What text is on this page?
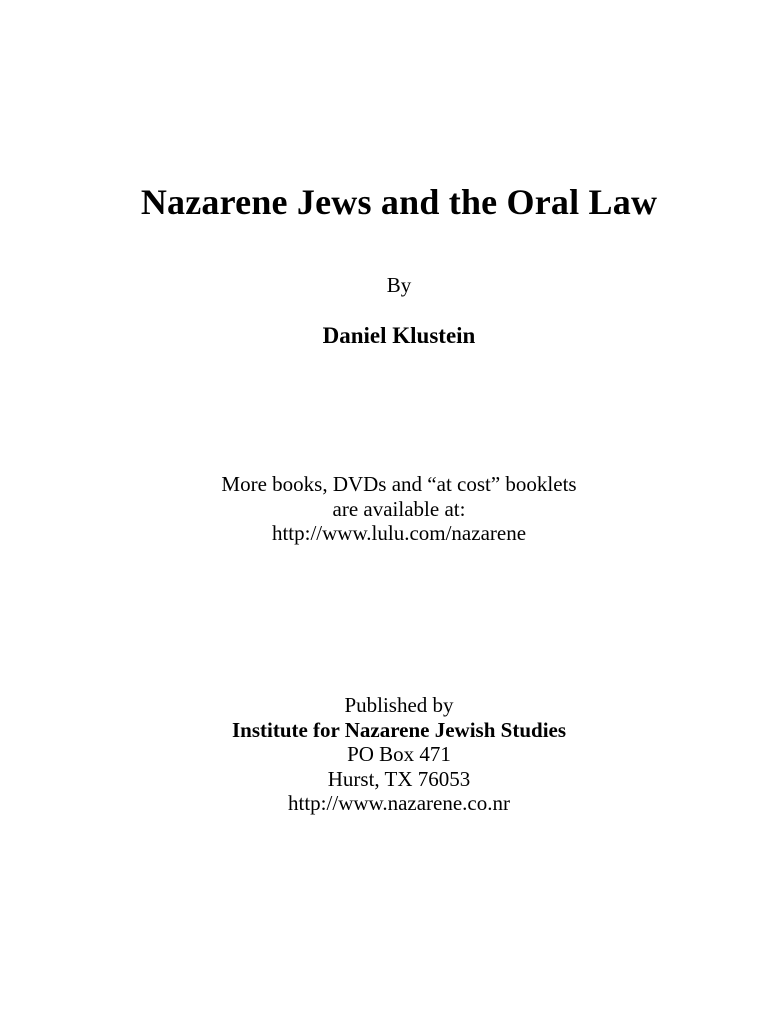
Nazarene Jews and the Oral Law
By
Daniel Klustein
More books, DVDs and “at cost” booklets
are available at:
http://www.lulu.com/nazarene
Published by
Institute for Nazarene Jewish Studies
PO Box 471
Hurst, TX 76053
http://www.nazarene.co.nr
